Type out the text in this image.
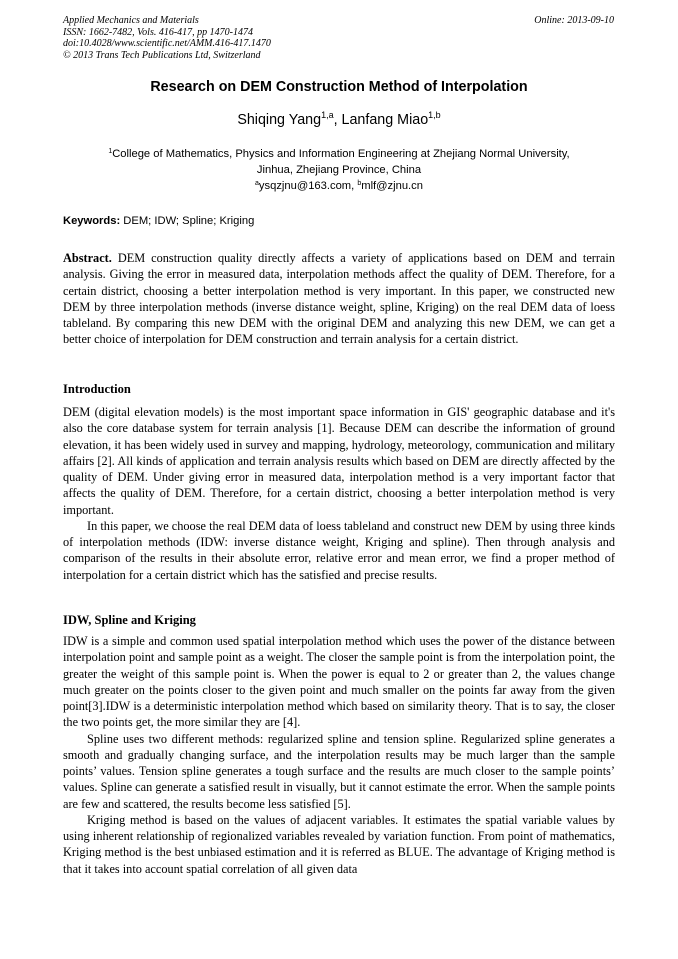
Applied Mechanics and Materials
ISSN: 1662-7482, Vols. 416-417, pp 1470-1474
doi:10.4028/www.scientific.net/AMM.416-417.1470
© 2013 Trans Tech Publications Ltd, Switzerland
Online: 2013-09-10
Research on DEM Construction Method of Interpolation
Shiqing Yang$^{1,a}$, Lanfang Miao$^{1,b}$
$^1$College of Mathematics, Physics and Information Engineering at Zhejiang Normal University,
Jinhua, Zhejiang Province, China
$^a$ysqzjnu@163.com, $^b$mlf@zjnu.cn
Keywords: DEM; IDW; Spline; Kriging

Abstract. DEM construction quality directly affects a variety of applications based on DEM and terrain analysis. Giving the error in measured data, interpolation methods affect the quality of DEM. Therefore, for a certain district, choosing a better interpolation method is very important. In this paper, we constructed new DEM by three interpolation methods (inverse distance weight, spline, Kriging) on the real DEM data of loess tableland. By comparing this new DEM with the original DEM and analyzing this new DEM, we can get a better choice of interpolation for DEM construction and terrain analysis for a certain district.

Introduction

DEM (digital elevation models) is the most important space information in GIS' geographic database and it's also the core database system for terrain analysis [1]. Because DEM can describe the information of ground elevation, it has been widely used in survey and mapping, hydrology, meteorology, communication and military affairs [2]. All kinds of application and terrain analysis results which based on DEM are directly affected by the quality of DEM. Under giving error in measured data, interpolation method is a very important factor that affects the quality of DEM. Therefore, for a certain district, choosing a better interpolation method is very important.

In this paper, we choose the real DEM data of loess tableland and construct new DEM by using three kinds of interpolation methods (IDW: inverse distance weight, Kriging and spline). Then through analysis and comparison of the results in their absolute error, relative error and mean error, we find a proper method of interpolation for a certain district which has the satisfied and precise results.

IDW, Spline and Kriging

IDW is a simple and common used spatial interpolation method which uses the power of the distance between interpolation point and sample point as a weight. The closer the sample point is from the interpolation point, the greater the weight of this sample point is. When the power is equal to 2 or greater than 2, the values change much greater on the points closer to the given point and much smaller on the points far away from the given point[3].IDW is a deterministic interpolation method which based on similarity theory. That is to say, the closer the two points get, the more similar they are [4].

Spline uses two different methods: regularized spline and tension spline. Regularized spline generates a smooth and gradually changing surface, and the interpolation results may be much larger than the sample points’ values. Tension spline generates a tough surface and the results are much closer to the sample points’ values. Spline can generate a satisfied result in visually, but it cannot estimate the error. When the sample points are few and scattered, the results become less satisfied [5].

Kriging method is based on the values of adjacent variables. It estimates the spatial variable values by using inherent relationship of regionalized variables revealed by variation function. From point of mathematics, Kriging method is the best unbiased estimation and it is referred as BLUE. The advantage of Kriging method is that it takes into account spatial correlation of all given data
